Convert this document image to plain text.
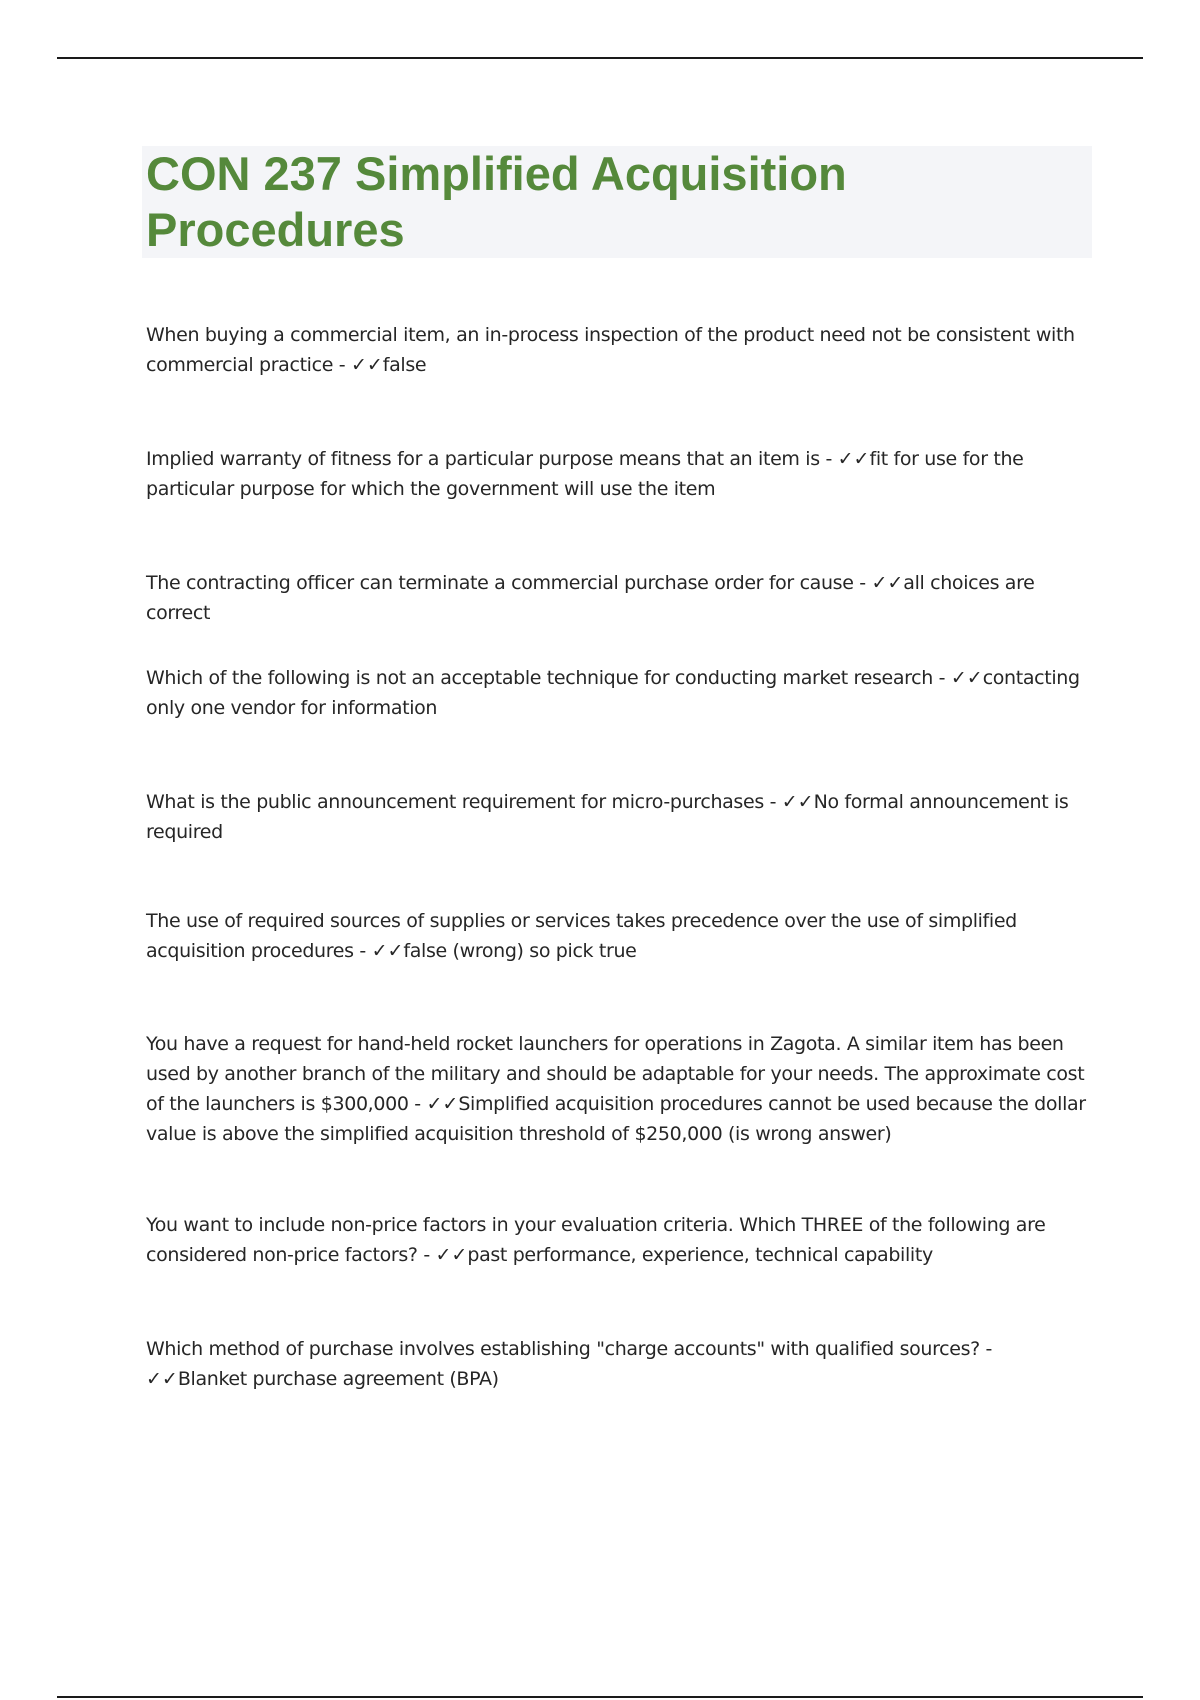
CON 237 Simplified Acquisition Procedures

When buying a commercial item, an in-process inspection of the product need not be consistent with commercial practice - ✓✓false

Implied warranty of fitness for a particular purpose means that an item is - ✓✓fit for use for the particular purpose for which the government will use the item

The contracting officer can terminate a commercial purchase order for cause - ✓✓all choices are correct

Which of the following is not an acceptable technique for conducting market research - ✓✓contacting only one vendor for information

What is the public announcement requirement for micro-purchases - ✓✓No formal announcement is required

The use of required sources of supplies or services takes precedence over the use of simplified acquisition procedures - ✓✓false (wrong) so pick true

You have a request for hand-held rocket launchers for operations in Zagota. A similar item has been used by another branch of the military and should be adaptable for your needs. The approximate cost of the launchers is $300,000 - ✓✓Simplified acquisition procedures cannot be used because the dollar value is above the simplified acquisition threshold of $250,000 (is wrong answer)

You want to include non-price factors in your evaluation criteria. Which THREE of the following are considered non-price factors? - ✓✓past performance, experience, technical capability

Which method of purchase involves establishing "charge accounts" with qualified sources? - ✓✓Blanket purchase agreement (BPA)
